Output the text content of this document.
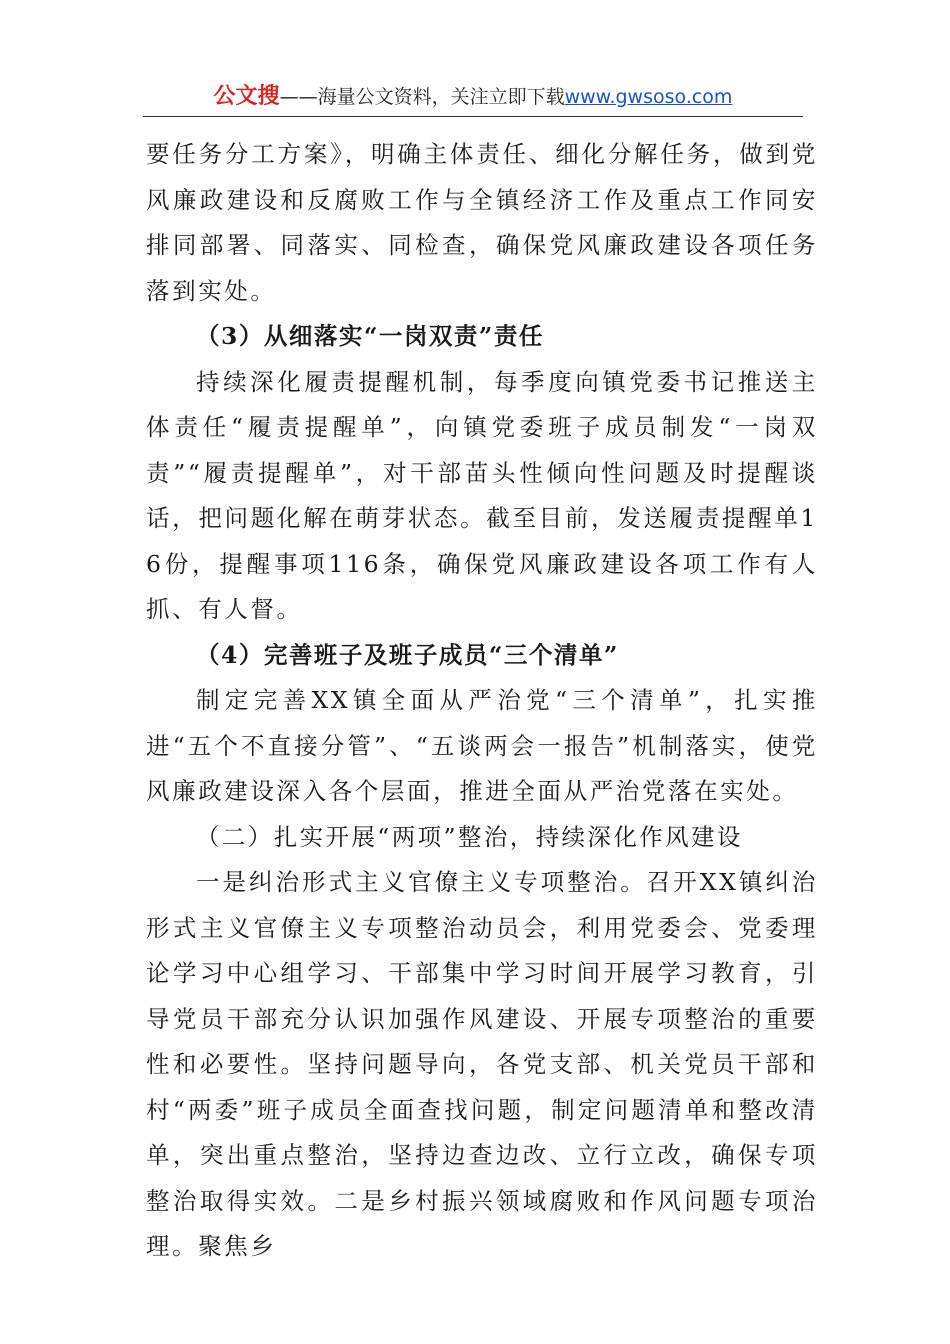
公文搜——海量公文资料，关注立即下载www.gwsoso.com

要任务分工方案》，明确主体责任、细化分解任务，做到党风廉政建设和反腐败工作与全镇经济工作及重点工作同安排同部署、同落实、同检查，确保党风廉政建设各项任务落到实处。

（3）从细落实“一岗双责”责任

持续深化履责提醒机制，每季度向镇党委书记推送主体责任“履责提醒单”，向镇党委班子成员制发“一岗双责”“履责提醒单”，对干部苗头性倾向性问题及时提醒谈话，把问题化解在萌芽状态。截至目前，发送履责提醒单16份，提醒事项116条，确保党风廉政建设各项工作有人抓、有人督。

（4）完善班子及班子成员“三个清单”

制定完善XX镇全面从严治党“三个清单”，扎实推进“五个不直接分管”、“五谈两会一报告”机制落实，使党风廉政建设深入各个层面，推进全面从严治党落在实处。

（二）扎实开展“两项”整治，持续深化作风建设

一是纠治形式主义官僚主义专项整治。召开XX镇纠治形式主义官僚主义专项整治动员会，利用党委会、党委理论学习中心组学习、干部集中学习时间开展学习教育，引导党员干部充分认识加强作风建设、开展专项整治的重要性和必要性。坚持问题导向，各党支部、机关党员干部和村“两委”班子成员全面查找问题，制定问题清单和整改清单，突出重点整治，坚持边查边改、立行立改，确保专项整治取得实效。二是乡村振兴领域腐败和作风问题专项治理。聚焦乡
